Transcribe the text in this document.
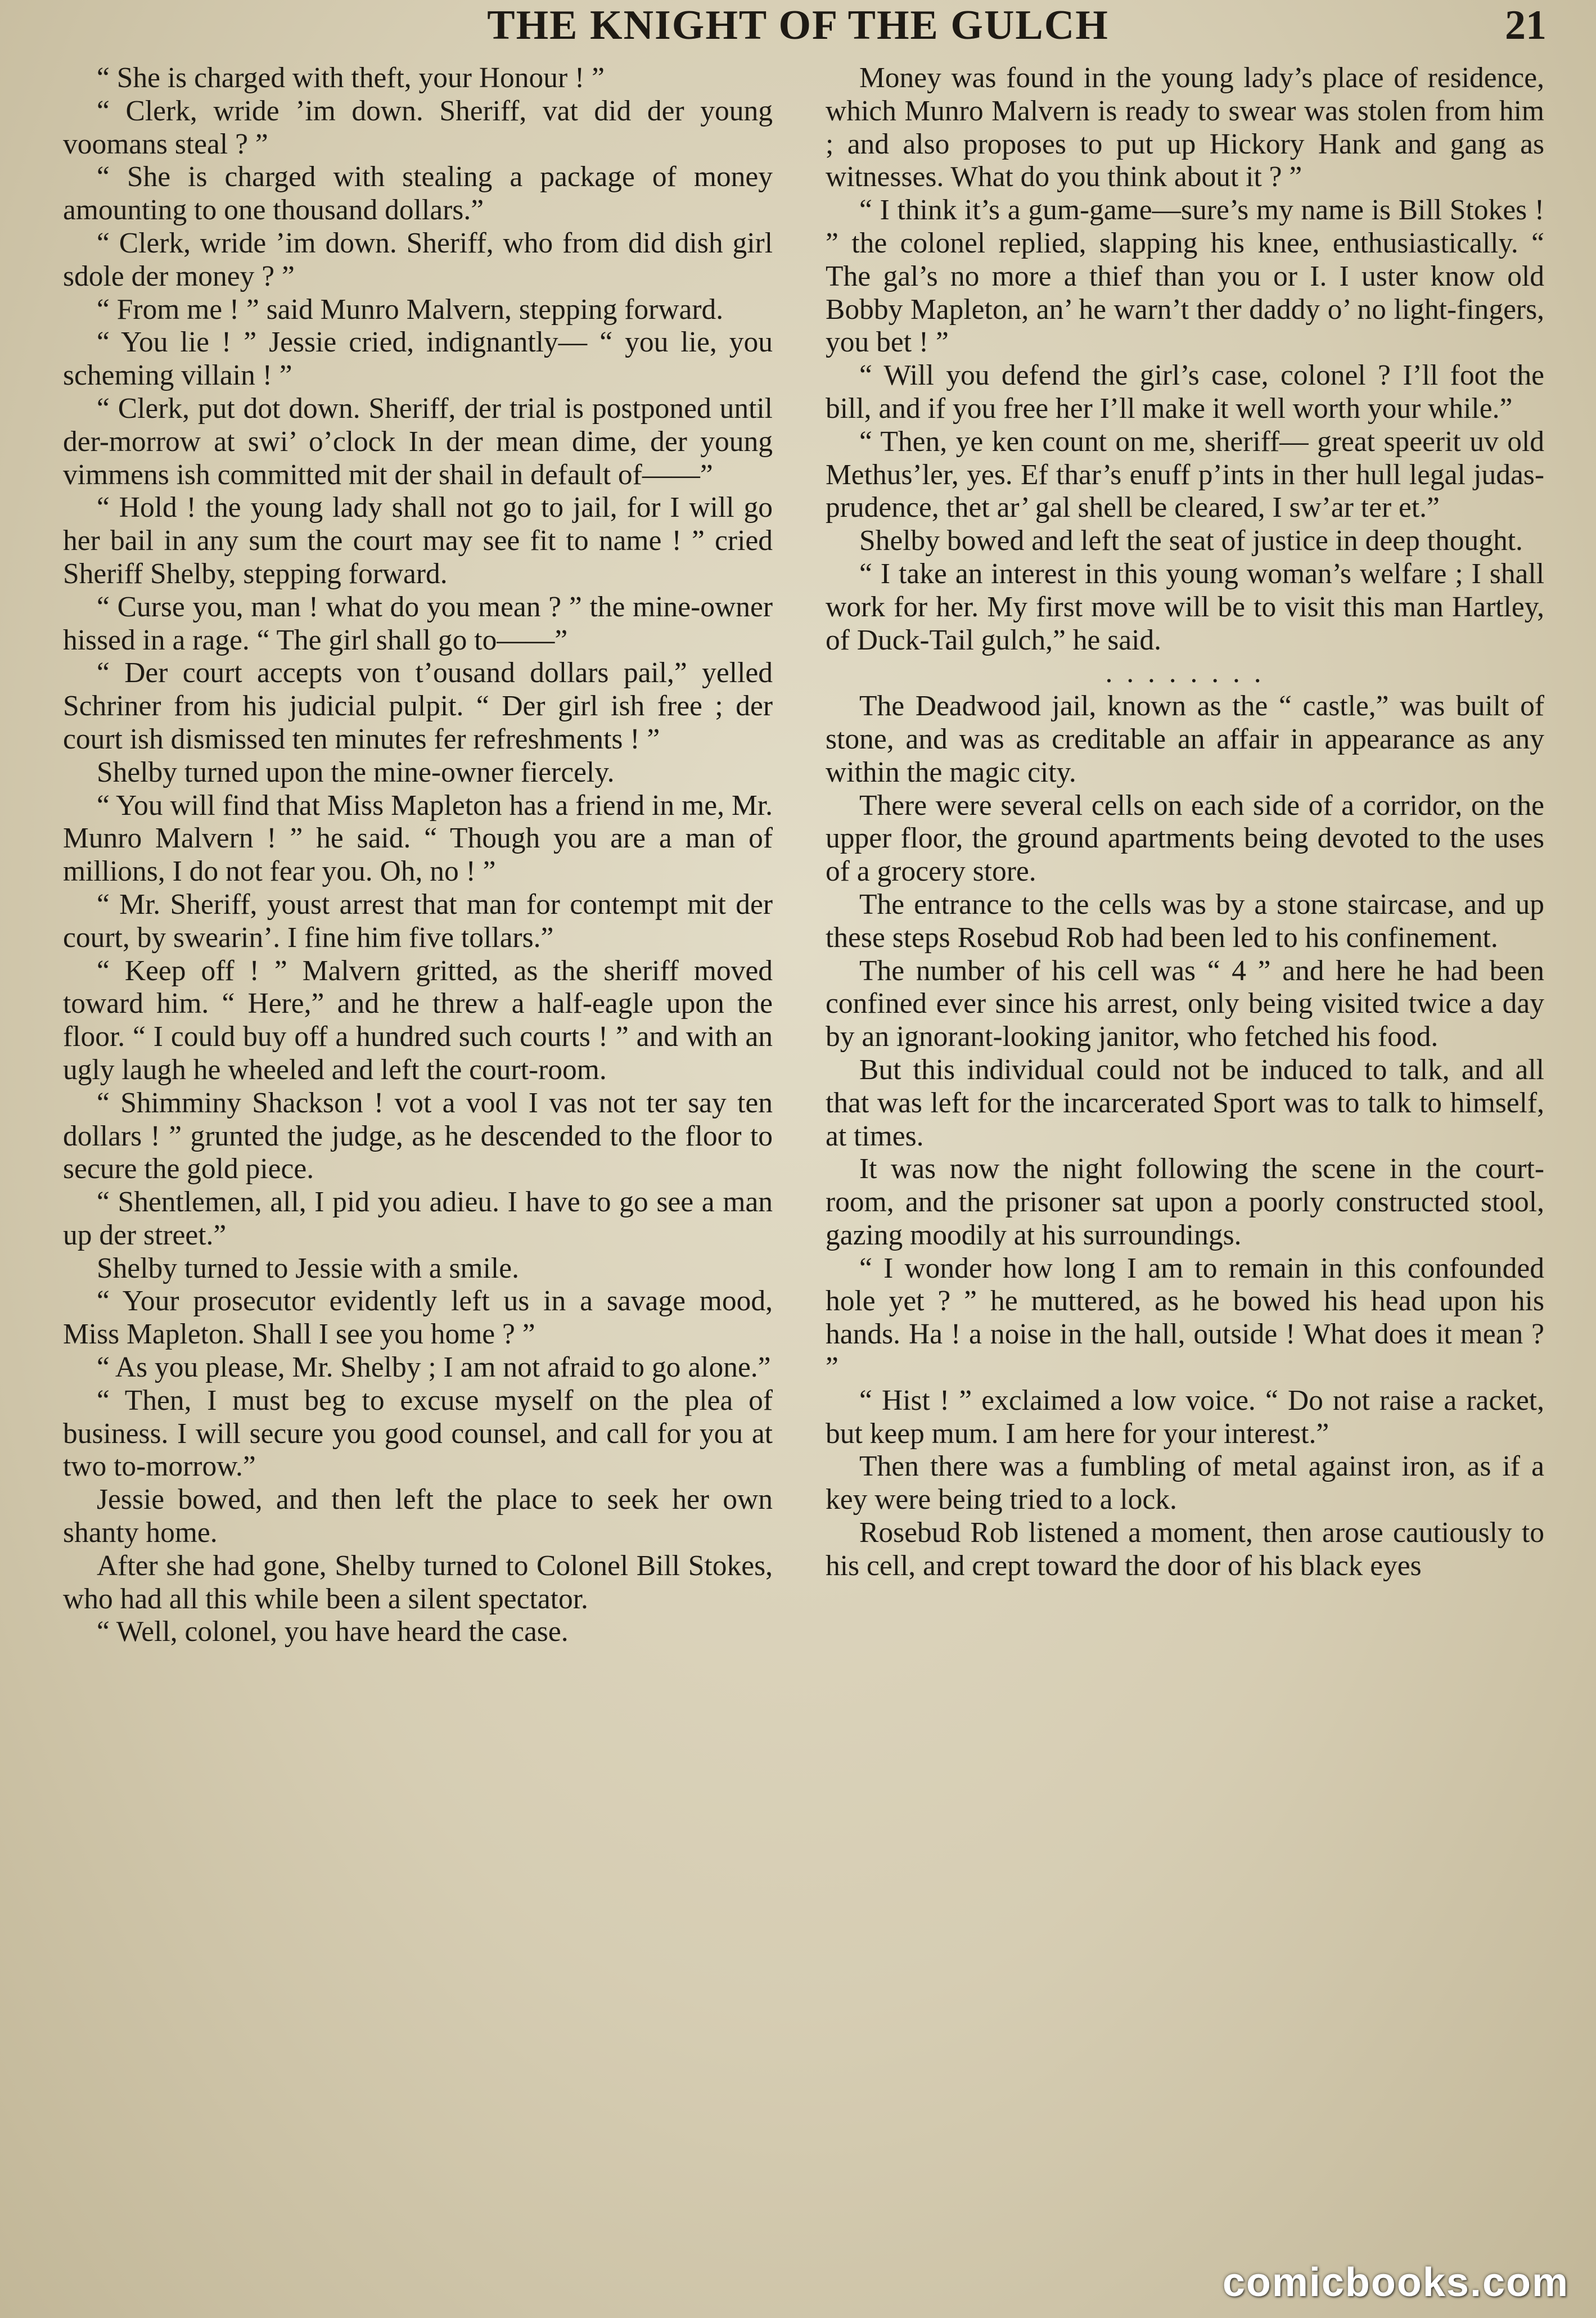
THE KNIGHT OF THE GULCH	21

“ She is charged with theft, your Honour ! ”

“ Clerk, wride ’im down. Sheriff, vat did der young voomans steal ? ”

“ She is charged with stealing a package of money amounting to one thousand dollars.”

“ Clerk, wride ’im down. Sheriff, who from did dish girl sdole der money ? ”

“ From me ! ” said Munro Malvern, stepping forward.

“ You lie ! ” Jessie cried, indignantly— “ you lie, you scheming villain ! ”

“ Clerk, put dot down. Sheriff, der trial is postponed until der-morrow at swi’ o’clock In der mean dime, der young vimmens ish committed mit der shail in default of——”

“ Hold ! the young lady shall not go to jail, for I will go her bail in any sum the court may see fit to name ! ” cried Sheriff Shelby, stepping forward.

“ Curse you, man ! what do you mean ? ” the mine-owner hissed in a rage. “ The girl shall go to——”

“ Der court accepts von t’ousand dollars pail,” yelled Schriner from his judicial pulpit. “ Der girl ish free ; der court ish dismissed ten minutes fer refreshments ! ”

Shelby turned upon the mine-owner fiercely.

“ You will find that Miss Mapleton has a friend in me, Mr. Munro Malvern ! ” he said. “ Though you are a man of millions, I do not fear you. Oh, no ! ”

“ Mr. Sheriff, youst arrest that man for contempt mit der court, by swearin’. I fine him five tollars.”

“ Keep off ! ” Malvern gritted, as the sheriff moved toward him. “ Here,” and he threw a half-eagle upon the floor. “ I could buy off a hundred such courts ! ” and with an ugly laugh he wheeled and left the court-room.

“ Shimminy Shackson ! vot a vool I vas not ter say ten dollars ! ” grunted the judge, as he descended to the floor to secure the gold piece.

“ Shentlemen, all, I pid you adieu. I have to go see a man up der street.”

Shelby turned to Jessie with a smile.

“ Your prosecutor evidently left us in a savage mood, Miss Mapleton. Shall I see you home ? ”

“ As you please, Mr. Shelby ; I am not afraid to go alone.”

“ Then, I must beg to excuse myself on the plea of business. I will secure you good counsel, and call for you at two to-morrow.”

Jessie bowed, and then left the place to seek her own shanty home.

After she had gone, Shelby turned to Colonel Bill Stokes, who had all this while been a silent spectator.

“ Well, colonel, you have heard the case.

Money was found in the young lady’s place of residence, which Munro Malvern is ready to swear was stolen from him ; and also proposes to put up Hickory Hank and gang as witnesses. What do you think about it ? ”

“ I think it’s a gum-game—sure’s my name is Bill Stokes ! ” the colonel replied, slapping his knee, enthusiastically. “ The gal’s no more a thief than you or I. I uster know old Bobby Mapleton, an’ he warn’t ther daddy o’ no light-fingers, you bet ! ”

“ Will you defend the girl’s case, colonel ? I’ll foot the bill, and if you free her I’ll make it well worth your while.”

“ Then, ye ken count on me, sheriff— great speerit uv old Methus’ler, yes. Ef thar’s enuff p’ints in ther hull legal judas-prudence, thet ar’ gal shell be cleared, I sw’ar ter et.”

Shelby bowed and left the seat of justice in deep thought.

“ I take an interest in this young woman’s welfare ; I shall work for her. My first move will be to visit this man Hartley, of Duck-Tail gulch,” he said.

. . . . . . . .

The Deadwood jail, known as the “ castle,” was built of stone, and was as creditable an affair in appearance as any within the magic city.

There were several cells on each side of a corridor, on the upper floor, the ground apartments being devoted to the uses of a grocery store.

The entrance to the cells was by a stone staircase, and up these steps Rosebud Rob had been led to his confinement.

The number of his cell was “ 4 ” and here he had been confined ever since his arrest, only being visited twice a day by an ignorant-looking janitor, who fetched his food.

But this individual could not be induced to talk, and all that was left for the incarcerated Sport was to talk to himself, at times.

It was now the night following the scene in the court-room, and the prisoner sat upon a poorly constructed stool, gazing moodily at his surroundings.

“ I wonder how long I am to remain in this confounded hole yet ? ” he muttered, as he bowed his head upon his hands. Ha ! a noise in the hall, outside ! What does it mean ? ”

“ Hist ! ” exclaimed a low voice. “ Do not raise a racket, but keep mum. I am here for your interest.”

Then there was a fumbling of metal against iron, as if a key were being tried to a lock.

Rosebud Rob listened a moment, then arose cautiously to his cell, and crept toward the door of his black eyes

comicbooks.com
